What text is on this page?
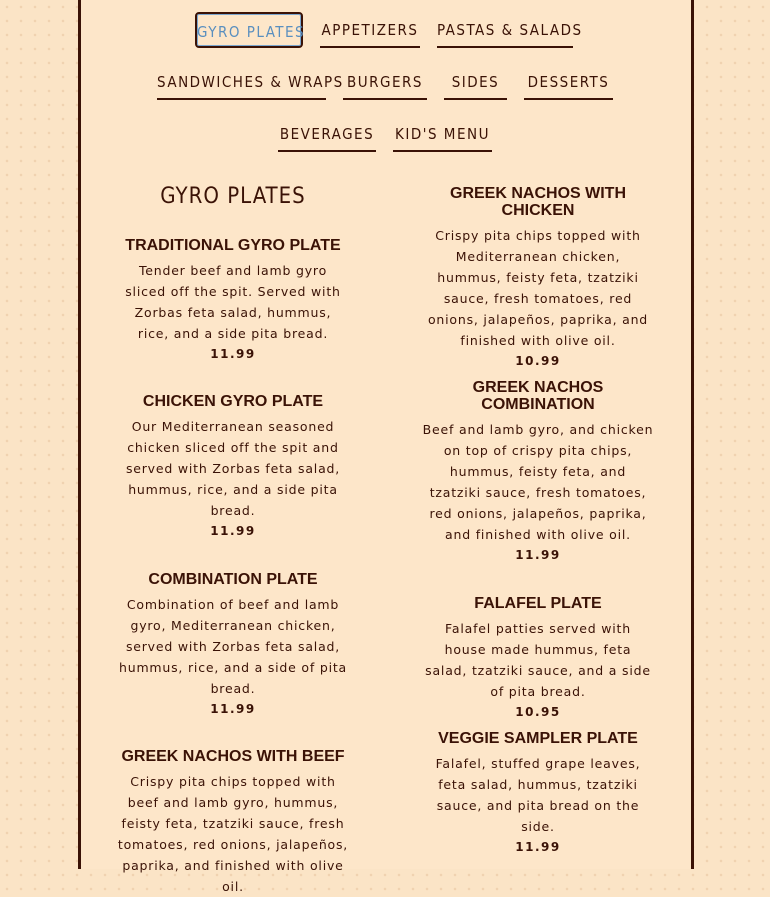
GYRO PLATES APPETIZERS PASTAS & SALADS
SANDWICHES & WRAPS BURGERS	SIDES	DESSERTS
BEVERAGES KID'S MENU
GYRO PLATES
TRADITIONAL GYRO PLATE

Tender beef and lamb gyro sliced off the spit. Served with Zorbas feta salad, hummus, rice, and a side pita bread.

11.99
CHICKEN GYRO PLATE

Our Mediterranean seasoned chicken sliced off the spit and served with Zorbas feta salad, hummus, rice, and a side pita bread.

11.99
COMBINATION PLATE

Combination of beef and lamb gyro, Mediterranean chicken, served with Zorbas feta salad, hummus, rice, and a side of pita bread.

11.99
GREEK NACHOS WITH BEEF

Crispy pita chips topped with beef and lamb gyro, hummus, feisty feta, tzatziki sauce, fresh tomatoes, red onions, jalapeños, paprika, and finished with olive oil.

GREEK NACHOS WITH CHICKEN

Crispy pita chips topped with Mediterranean chicken, hummus, feisty feta, tzatziki sauce, fresh tomatoes, red onions, jalapeños, paprika, and finished with olive oil.

10.99
GREEK NACHOS COMBINATION

Beef and lamb gyro, and chicken on top of crispy pita chips, hummus, feisty feta, and tzatziki sauce, fresh tomatoes, red onions, jalapeños, paprika, and finished with olive oil.

11.99
FALAFEL PLATE

Falafel patties served with house made hummus, feta salad, tzatziki sauce, and a side of pita bread.

10.95
VEGGIE SAMPLER PLATE

Falafel, stuffed grape leaves, feta salad, hummus, tzatziki sauce, and pita bread on the side.

11.99
